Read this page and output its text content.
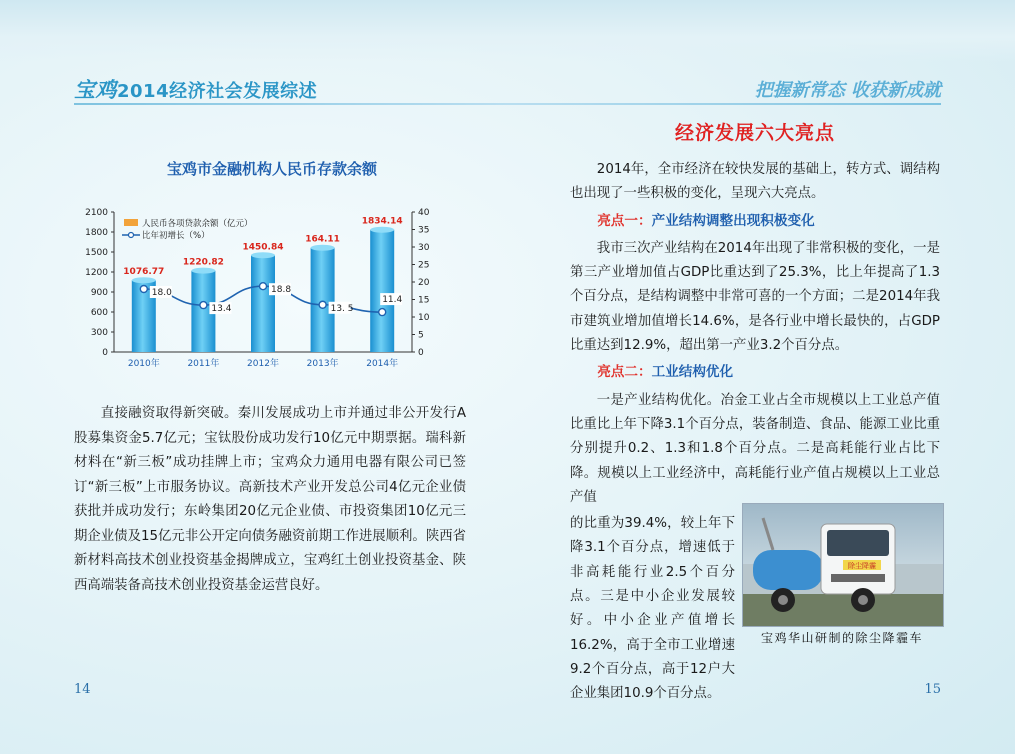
宝鸡2014经济社会发展综述	把握新常态 收获新成就
宝鸡市金融机构人民币存款余额
0
300
600
900
1200
1500
1800
2100
0
5
10
15
20
25
30
35
40
1076.77
2010年
1220.82
2011年
1450.84
2012年
164.11
2013年
1834.14
2014年
18.0
13.4
18.8
13. 5
11.4
人民币各项贷款余额（亿元）
比年初增长（%）

直接融资取得新突破。秦川发展成功上市并通过非公开发行A股募集资金5.7亿元；宝钛股份成功发行10亿元中期票据。瑞科新材料在“新三板”成功挂牌上市；宝鸡众力通用电器有限公司已签订“新三板”上市服务协议。高新技术产业开发总公司4亿元企业债获批并成功发行；东岭集团20亿元企业债、市投资集团10亿元三期企业债及15亿元非公开定向债务融资前期工作进展顺利。陕西省新材料高技术创业投资基金揭牌成立，宝鸡红土创业投资基金、陕西高端装备高技术创业投资基金运营良好。

经济发展六大亮点

2014年，全市经济在较快发展的基础上，转方式、调结构也出现了一些积极的变化，呈现六大亮点。

亮点一：产业结构调整出现积极变化

我市三次产业结构在2014年出现了非常积极的变化，一是第三产业增加值占GDP比重达到了25.3%，比上年提高了1.3个百分点，是结构调整中非常可喜的一个方面；二是2014年我市建筑业增加值增长14.6%，是各行业中增长最快的，占GDP比重达到12.9%，超出第一产业3.2个百分点。

亮点二：工业结构优化

一是产业结构优化。冶金工业占全市规模以上工业总产值比重比上年下降3.1个百分点，装备制造、食品、能源工业比重分别提升0.2、1.3和1.8个百分点。二是高耗能行业占比下降。规模以上工业经济中，高耗能行业产值占规模以上工业总产值

的比重为39.4%，较上年下降3.1个百分点，增速低于非高耗能行业2.5个百分点。三是中小企业发展较好。中小企业产值增长16.2%，高于全市工业增速9.2个百分点，高于12户大企业集团10.9个百分点。

除尘降霾
宝鸡华山研制的除尘降霾车
14	15
